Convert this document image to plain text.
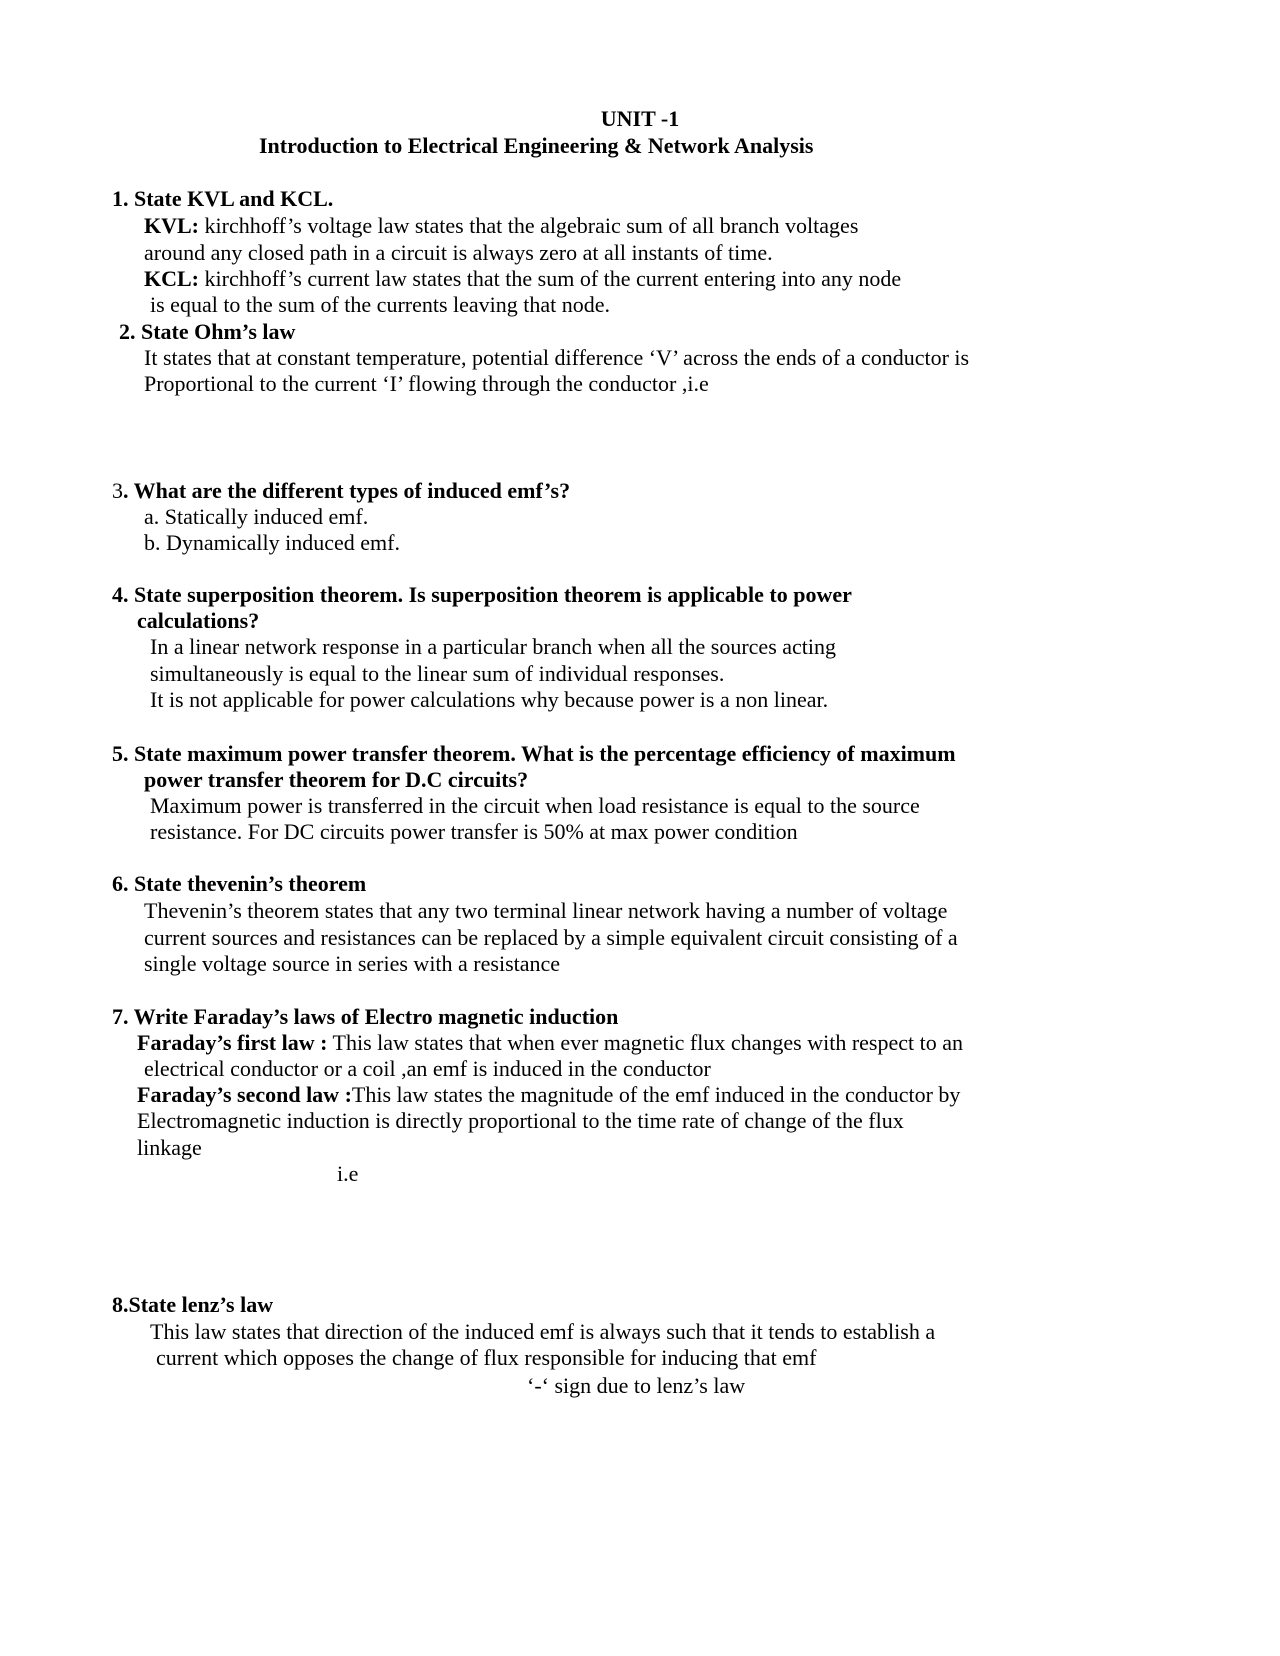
UNIT -1
Introduction to Electrical Engineering & Network Analysis
1. State KVL and KCL.
KVL: kirchhoff’s voltage law states that the algebraic sum of all branch voltages
around any closed path in a circuit is always zero at all instants of time.
KCL: kirchhoff’s current law states that the sum of the current entering into any node
is equal to the sum of the currents leaving that node.
2. State Ohm’s law
It states that at constant temperature, potential difference ‘V’ across the ends of a conductor is
Proportional to the current ‘I’ flowing through the conductor ,i.e
3. What are the different types of induced emf’s?
a. Statically induced emf.
b. Dynamically induced emf.
4. State superposition theorem. Is superposition theorem is applicable to power
calculations?
In a linear network response in a particular branch when all the sources acting
simultaneously is equal to the linear sum of individual responses.
It is not applicable for power calculations why because power is a non linear.
5. State maximum power transfer theorem. What is the percentage efficiency of maximum
power transfer theorem for D.C circuits?
Maximum power is transferred in the circuit when load resistance is equal to the source
resistance. For DC circuits power transfer is 50% at max power condition
6. State thevenin’s theorem
Thevenin’s theorem states that any two terminal linear network having a number of voltage
current sources and resistances can be replaced by a simple equivalent circuit consisting of a
single voltage source in series with a resistance
7. Write Faraday’s laws of Electro magnetic induction
Faraday’s first law : This law states that when ever magnetic flux changes with respect to an
electrical conductor or a coil ,an emf is induced in the conductor
Faraday’s second law :This law states the magnitude of the emf induced in the conductor by
Electromagnetic induction is directly proportional to the time rate of change of the flux
linkage
i.e
8.State lenz’s law
This law states that direction of the induced emf is always such that it tends to establish a
current which opposes the change of flux responsible for inducing that emf
‘-‘ sign due to lenz’s law
